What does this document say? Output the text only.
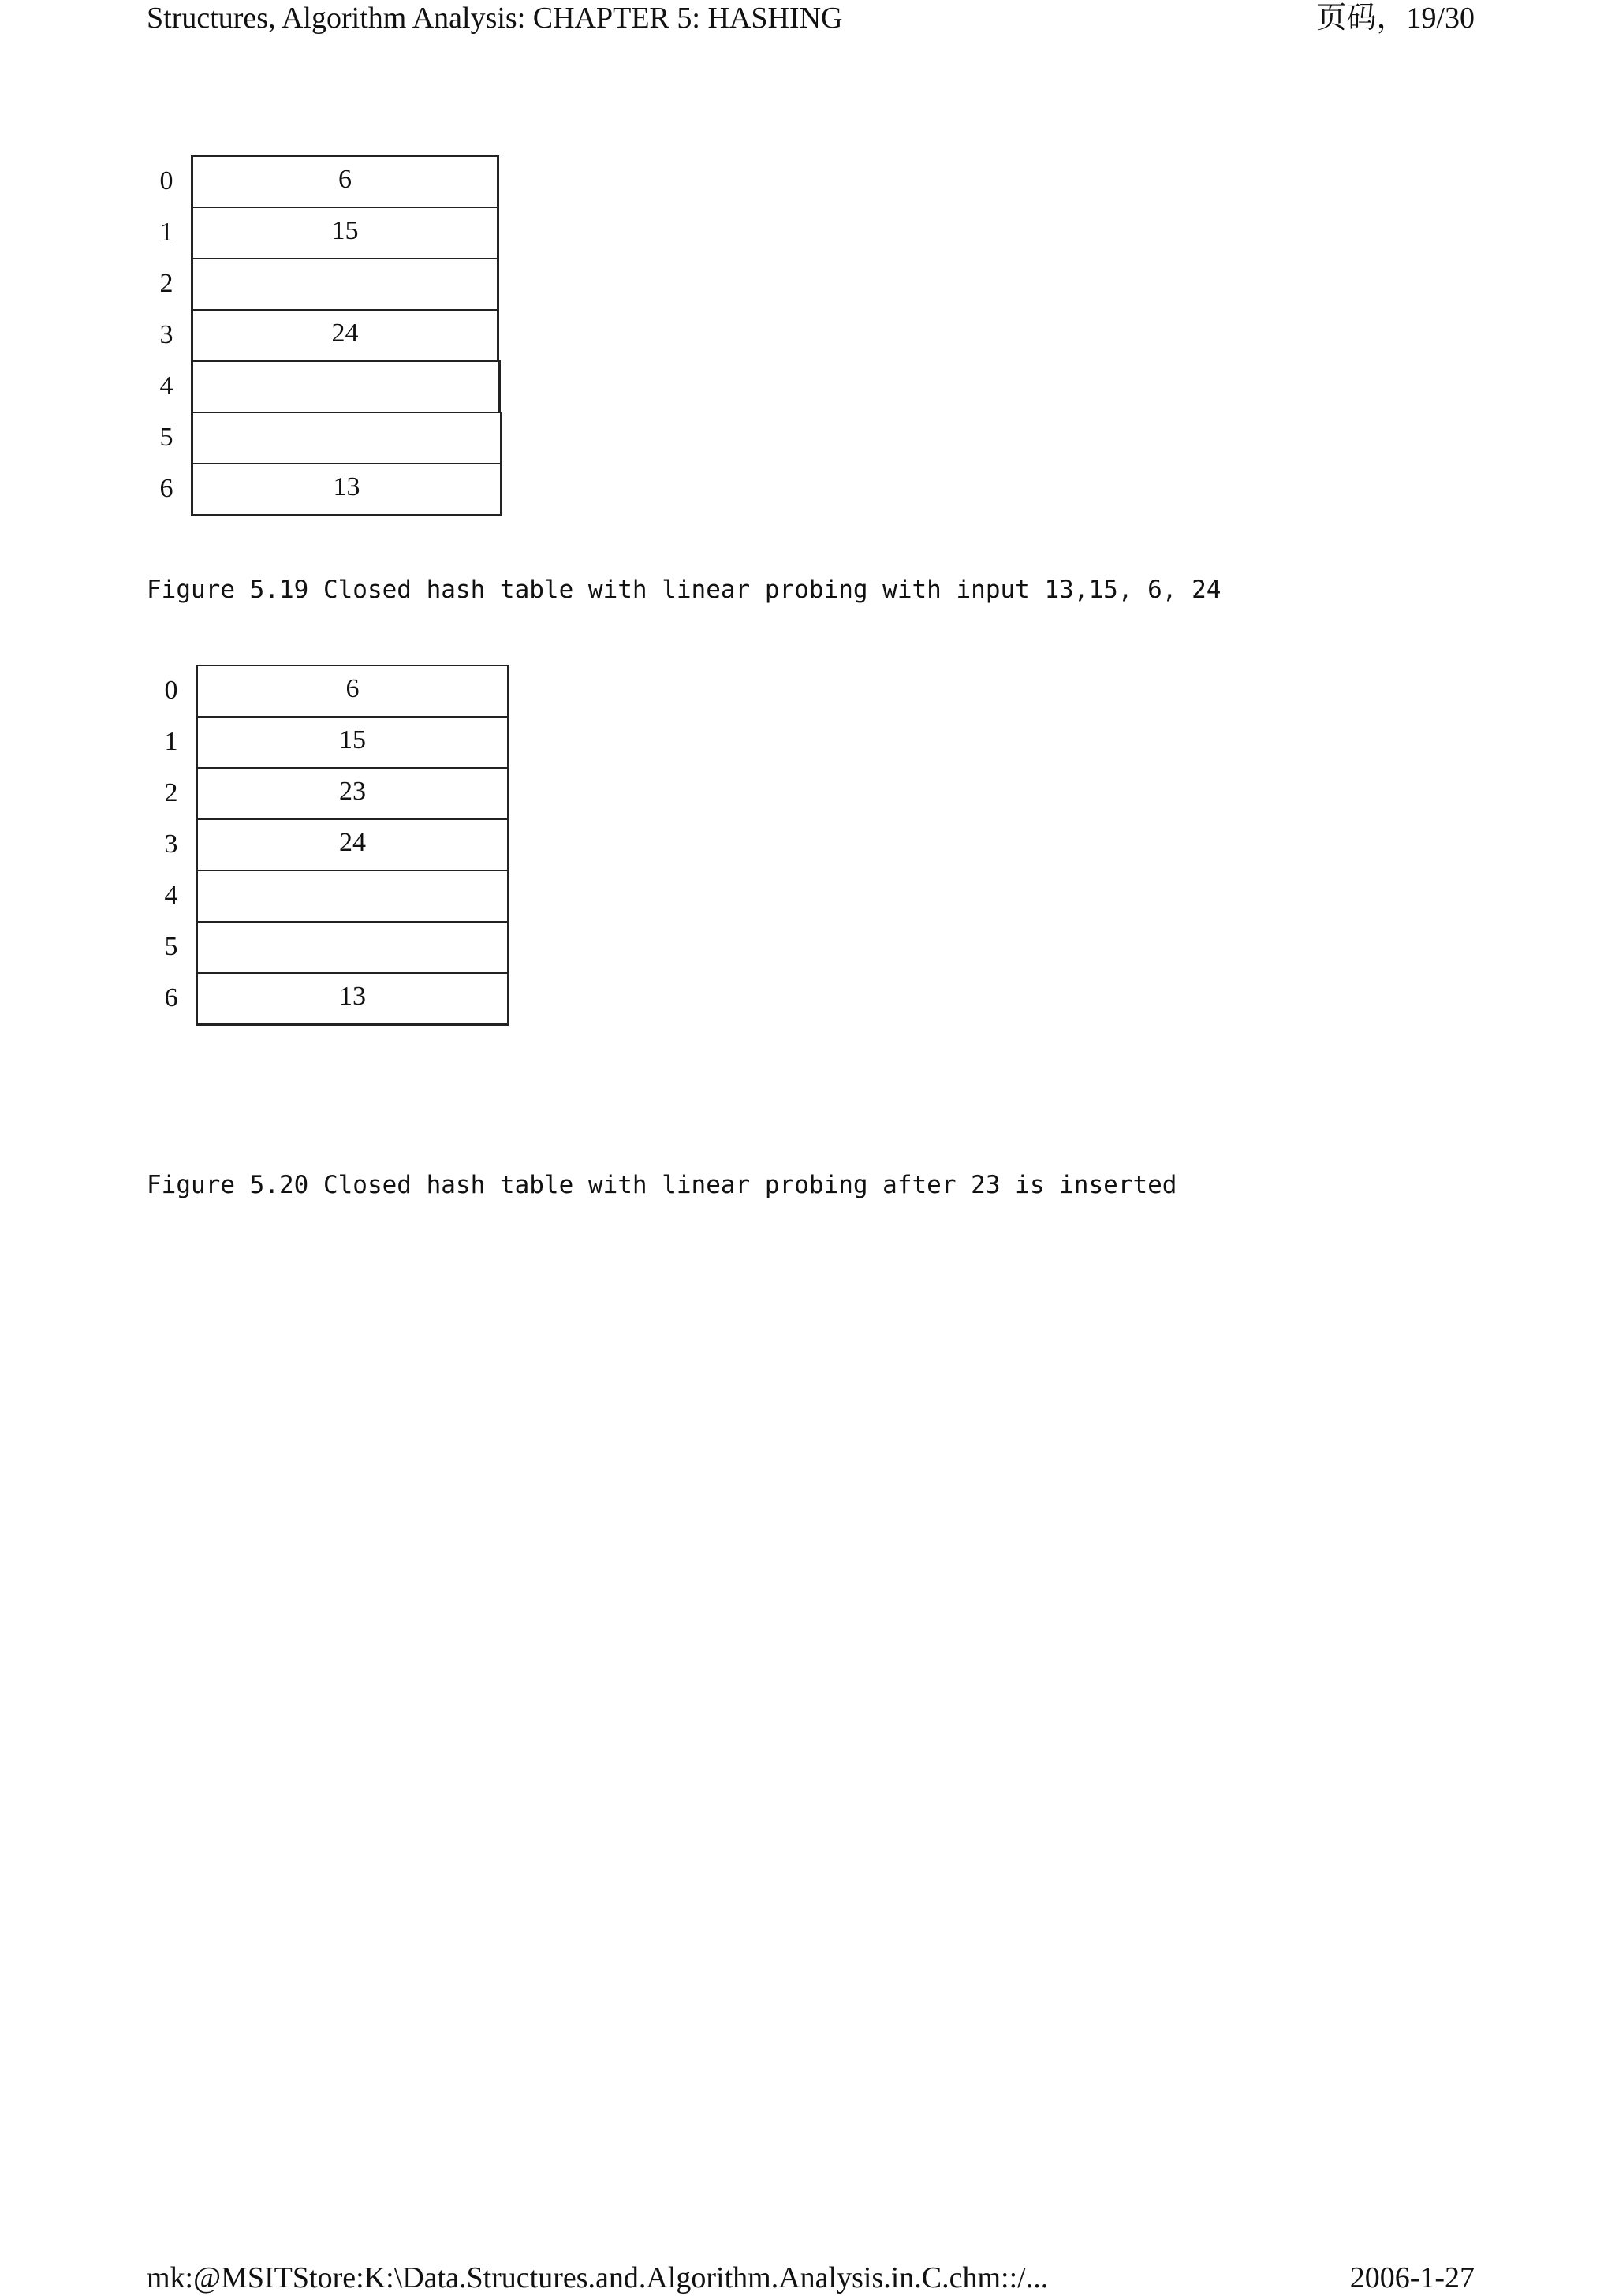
Structures, Algorithm Analysis: CHAPTER 5: HASHING	页码，19/30
0	6
1	15
2
3	24
4
5
6	13
Figure 5.19 Closed hash table with linear probing with input 13,15, 6, 24
0	6
1	15
2	23
3	24
4
5
6	13
Figure 5.20 Closed hash table with linear probing after 23 is inserted
mk:@MSITStore:K:\Data.Structures.and.Algorithm.Analysis.in.C.chm::/...	2006-1-27
